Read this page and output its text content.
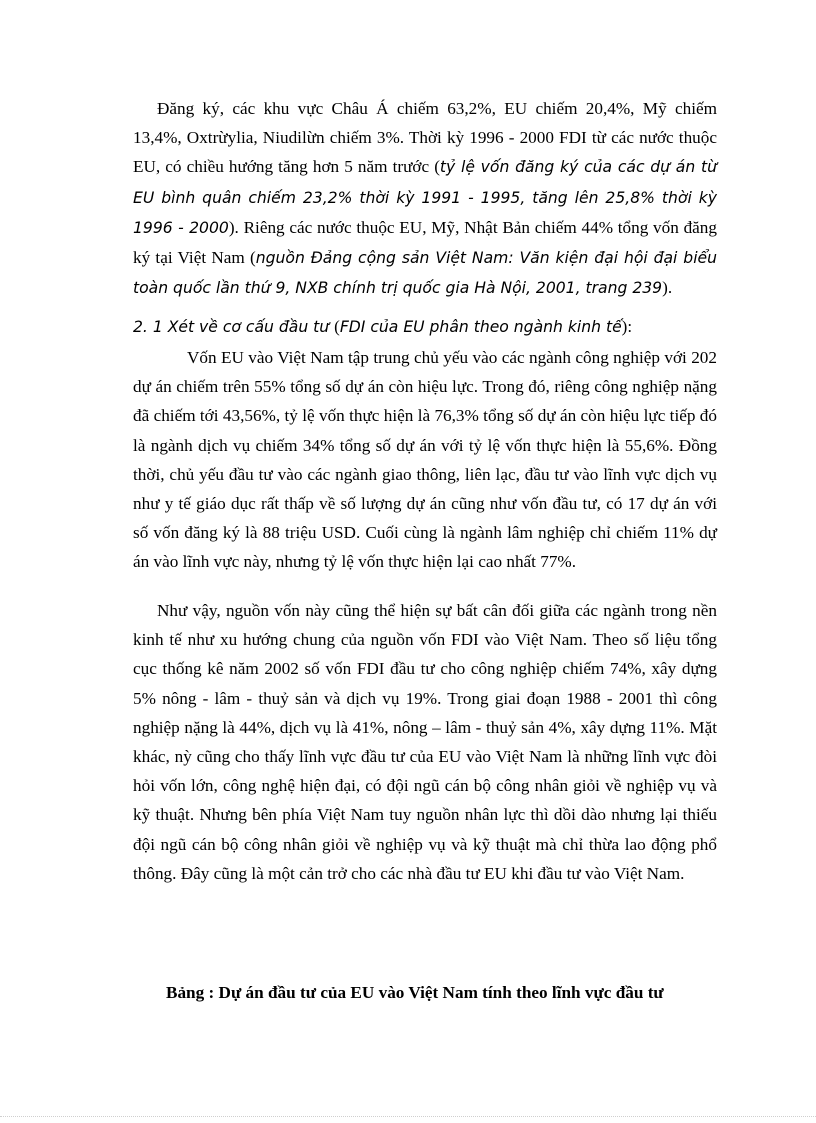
Đăng ký, các khu vực Châu Á chiếm 63,2%, EU chiếm 20,4%, Mỹ chiếm 13,4%, Oxtrừylia, Niudilừn chiếm 3%. Thời kỳ 1996 - 2000 FDI từ các nước thuộc EU, có chiều hướng tăng hơn 5 năm trước (tỷ lệ vốn đăng ký của các dự án từ EU bình quân chiếm 23,2% thời kỳ 1991 - 1995, tăng lên 25,8% thời kỳ 1996 - 2000). Riêng các nước thuộc EU, Mỹ, Nhật Bản chiếm 44% tổng vốn đăng ký tại Việt Nam (nguồn Đảng cộng sản Việt Nam: Văn kiện đại hội đại biểu toàn quốc lần thứ 9, NXB chính trị quốc gia Hà Nội, 2001, trang 239).
2. 1 Xét về cơ cấu đầu tư (FDI của EU phân theo ngành kinh tế):
Vốn EU vào Việt Nam tập trung chủ yếu vào các ngành công nghiệp với 202 dự án chiếm trên 55% tổng số dự án còn hiệu lực. Trong đó, riêng công nghiệp nặng đã chiếm tới 43,56%, tỷ lệ vốn thực hiện là 76,3% tổng số dự án còn hiệu lực tiếp đó là ngành dịch vụ chiếm 34% tổng số dự án với tỷ lệ vốn thực hiện là 55,6%. Đồng thời, chủ yếu đầu tư vào các ngành giao thông, liên lạc, đầu tư vào lĩnh vực dịch vụ như y tế giáo dục rất thấp về số lượng dự án cũng như vốn đầu tư, có 17 dự án với số vốn đăng ký là 88 triệu USD. Cuối cùng là ngành lâm nghiệp chỉ chiếm 11% dự án vào lĩnh vực này, nhưng tỷ lệ vốn thực hiện lại cao nhất 77%.
Như vậy, nguồn vốn này cũng thể hiện sự bất cân đối giữa các ngành trong nền kinh tế như xu hướng chung của nguồn vốn FDI vào Việt Nam. Theo số liệu tổng cục thống kê năm 2002 số vốn FDI đầu tư cho công nghiệp chiếm 74%, xây dựng 5% nông - lâm - thuỷ sản và dịch vụ 19%. Trong giai đoạn 1988 - 2001 thì công nghiệp nặng là 44%, dịch vụ là 41%, nông – lâm - thuỷ sản 4%, xây dựng 11%. Mặt khác, nỳ cũng cho thấy lĩnh vực đầu tư của EU vào Việt Nam là những lĩnh vực đòi hỏi vốn lớn, công nghệ hiện đại, có đội ngũ cán bộ công nhân giỏi về nghiệp vụ và kỹ thuật. Nhưng bên phía Việt Nam tuy nguồn nhân lực thì dồi dào nhưng lại thiếu đội ngũ cán bộ công nhân giỏi về nghiệp vụ và kỹ thuật mà chỉ thừa lao động phổ thông. Đây cũng là một cản trở cho các nhà đầu tư EU khi đầu tư vào Việt Nam.
Bảng : Dự án đầu tư của EU vào Việt Nam tính theo lĩnh vực đầu tư
